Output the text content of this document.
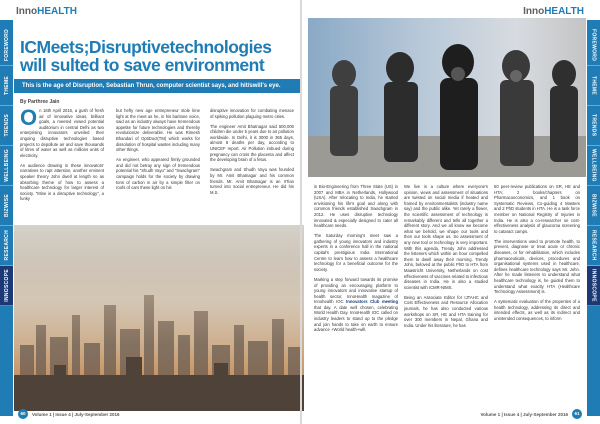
FOREWORD
THEME
TRENDS
WELLBEING
BIZWISE
RESEARCH
INNOSCOPE
InnoHEALTH
ICMeets;Disruptivetechnologies will sulted to save environment
This is the age of Disruption, Sebastian Thrun, computer scientist says, and hit/swill's eye.
By Parthree Jain

On 16th April 2016, a gush of fresh air of innovative ideas, brilliant goals, a meeted vowed potential auditorium in central Delhi as two enterprising innovators unveiled their ongoing disruptive technologies based projects to depollute air and save thousands of litres of water as well as millions units of electricity.

An audience drawing in these innovators' narratives to rapt attention, another eminent speaker theory John dwell at length so as absorbing theme of how to assess a healthcare technology for larger interest of society. "Mine is a disruptive technology", a funky

but hefty new age entrepreneur stole lime light at the meet as he, in his baritone voice, said as an industry always have tremendous appetite for future technologies and thereby revolutionize deliverable. He was Rimesh Bhandari of OptiDuct(TM) which works for dissolution of hospital wastes including many other things.

An engineer, who appeared firmly grounded and did not betray any sign of tremendous potential his "Shudh Vayu" and "Swachgram" campaign holds for the society by drawing tons of carbon in air by a simple filter on roofs of cars these light on his

disruptive innovation for combating menace of spiking pollution plaguing metro cities.

The engineer Amit Bhatnagar said 500,000 children die under 5 years due to air pollution worldwide. In Delhi, it is 3000 in 365 days, almost 8 deaths per day, according to UNICEF report. Air Pollution imbued during pregnancy can cross the placenta and affect the developing brain of a fetus.

Swachgram and Shudh Vayu was founded by Mr. Amit Bhatnagar and his common friends. Mr. Amit Bhatnagar is an IITian turned into social entrepreneur. He did his M.S.

60	Volume 1 | Issue 4 | July-September 2016
FOREWORD
THEME
TRENDS
WELLBEING
BIZWISE
RESEARCH
INNOSCOPE
InnoHEALTH

in Bio-Engineering from Three State (US) in 2007 and MBA in Netherlands, Hollywood (USA). After relocating to India, he started envisioning his life's goal and along with common friends established Swachgram in 2012. He uses disruptive technology innovated & especially designed to cater all healthcare needs.

The Saturday morning's meet saw a gathering of young innovators and industry experts in a conference hall in the national capital's prestigious India International Centre to learn how to assess a healthcare technology for a beneficial outcome for the society.

Marking a step forward towards its promise of providing an encouraging platform to young innovators and innovative startup of health sector, InnoHealth magazine of Innohealth IOC Innovators Club meeting that day. A date well chosen, celebrating World Health Day. InnoHealth IOC called on industry leaders to stand up to the pledge and join hands to take on earth to ensure advance +World health+will.

We live in a culture where everyone's opinion, views and assessment of situations are twisted on social media if heated and framed by environmentalists (industry name say) and the public alike. Yet rarely a flower, the scientific assessment of technology is remarkably different and tells all together a different story. And we all know we become what we behold, we shape our tools and then our tools shape us. So assessment of any new tool or technology is very important. With this agenda, Trendy John addressed the listeners which within an hour compelled them to dwell away their morning. Trendy John, beloved at the public PhD to HTA from Maastricht University, Netherlands on cost effectiveness of vaccines related to infectious diseases in India. He is also a studied scientist with ICMR-NIMS.

Being an Associate Editor for IJTAHC and Cost Effectiveness and Resource Allocation journals, he has also conducted various workshops on SR, HE and HTA training for over 300 members in Nepal, Ghana and India. Under his literature, he has

50 peer-review publications on SR, HE and HTA; 2 books/chapters on Pharmacoeconomics, and 1 book on Systematic Reviews, Co-guiding 4 Masters and 2 PhD students in HTA. He is a task force member on National Registry of Injuries in India. He is also a co-researcher on cost-effectiveness analysis of glaucoma screening to cataract camps.

The interventions used to promote health, to prevent, diagnose or treat acute or chronic diseases, or for rehabilitation, which includes pharmaceuticals, devices, procedures and organisational systems used in healthcare, defines healthcare technology says Mr. John. After he made listeners to understand what healthcare technology is, he guided them to understand what exactly HTA (Healthcare Technology Assessment) is.

A systematic evaluation of the properties of a health technology, addressing its direct and intended effects, as well as its indirect and unintended consequences, to inform

Volume 1 | Issue 4 | July-September 2016	61
